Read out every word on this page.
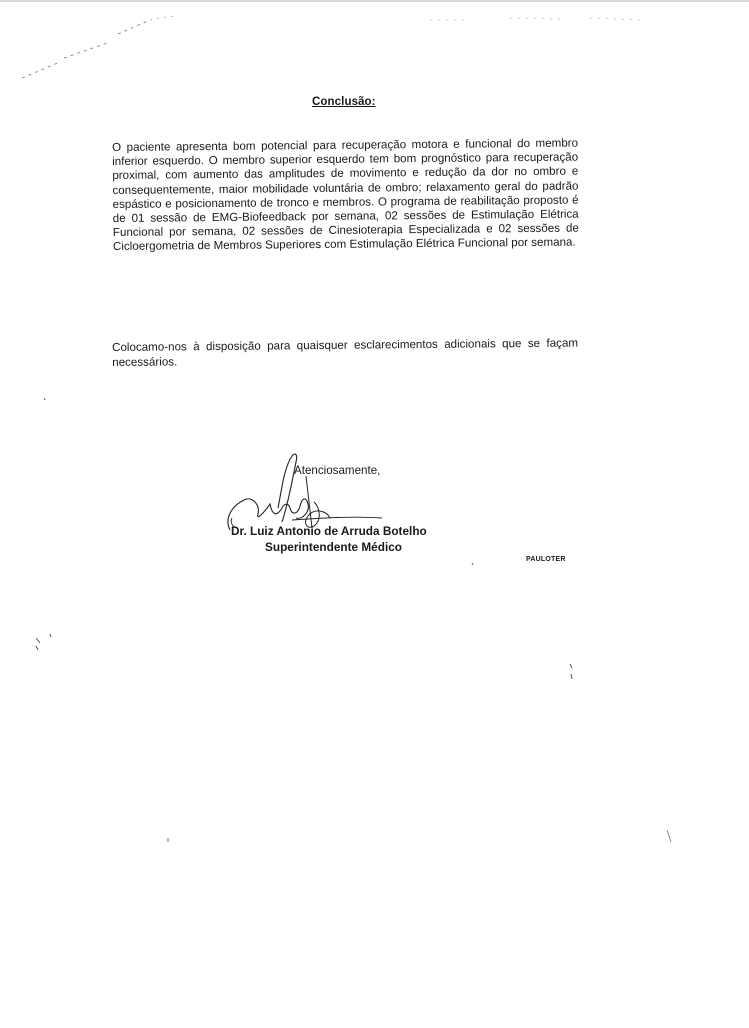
Conclusão:
O paciente apresenta bom potencial para recuperação motora e funcional do membro inferior esquerdo. O membro superior esquerdo tem bom prognóstico para recuperação proximal, com aumento das amplitudes de movimento e redução da dor no ombro e consequentemente, maior mobilidade voluntária de ombro; relaxamento geral do padrão espástico e posicionamento de tronco e membros. O programa de reabilitação proposto é de 01 sessão de EMG-Biofeedback por semana, 02 sessões de Estimulação Elétrica Funcional por semana, 02 sessões de Cinesioterapia Especializada e 02 sessões de Cicloergometria de Membros Superiores com Estimulação Elétrica Funcional por semana.
Colocamo-nos à disposição para quaisquer esclarecimentos adicionais que se façam necessários.
Atenciosamente,
Dr. Luiz Antonio de Arruda Botelho
Superintendente Médico
PAULOTER
